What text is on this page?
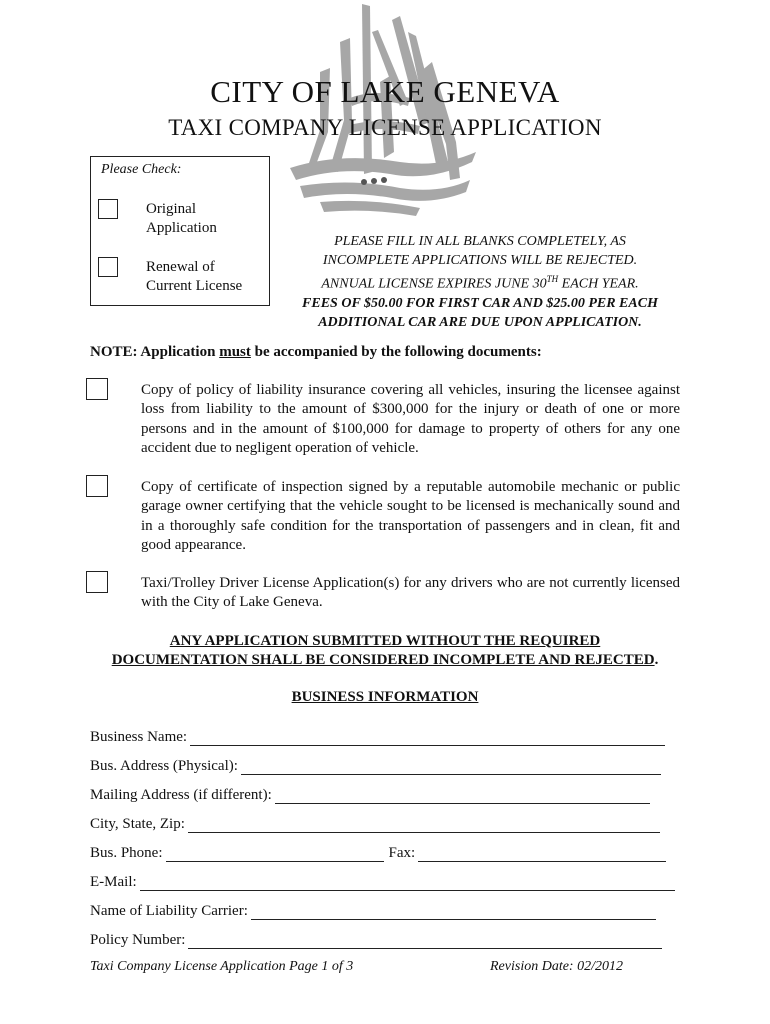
CITY OF LAKE GENEVA
TAXI COMPANY LICENSE APPLICATION
Please Check:
Original
Application
Renewal of
Current License
PLEASE FILL IN ALL BLANKS COMPLETELY, AS
INCOMPLETE APPLICATIONS WILL BE REJECTED.
ANNUAL LICENSE EXPIRES JUNE 30TH EACH YEAR.
FEES OF $50.00 FOR FIRST CAR AND $25.00 PER EACH
ADDITIONAL CAR ARE DUE UPON APPLICATION.
NOTE: Application must be accompanied by the following documents:
Copy of policy of liability insurance covering all vehicles, insuring the licensee against loss from liability to the amount of $300,000 for the injury or death of one or more persons and in the amount of $100,000 for damage to property of others for any one accident due to negligent operation of vehicle.
Copy of certificate of inspection signed by a reputable automobile mechanic or public garage owner certifying that the vehicle sought to be licensed is mechanically sound and in a thoroughly safe condition for the transportation of passengers and in clean, fit and good appearance.
Taxi/Trolley Driver License Application(s) for any drivers who are not currently licensed with the City of Lake Geneva.
ANY APPLICATION SUBMITTED WITHOUT THE REQUIRED
DOCUMENTATION SHALL BE CONSIDERED INCOMPLETE AND REJECTED.
BUSINESS INFORMATION
Business Name:
Bus. Address (Physical):
Mailing Address (if different):
City, State, Zip:
Bus. Phone:	Fax:
E-Mail:
Name of Liability Carrier:
Policy Number:
Taxi Company License Application Page 1 of 3	Revision Date: 02/2012
